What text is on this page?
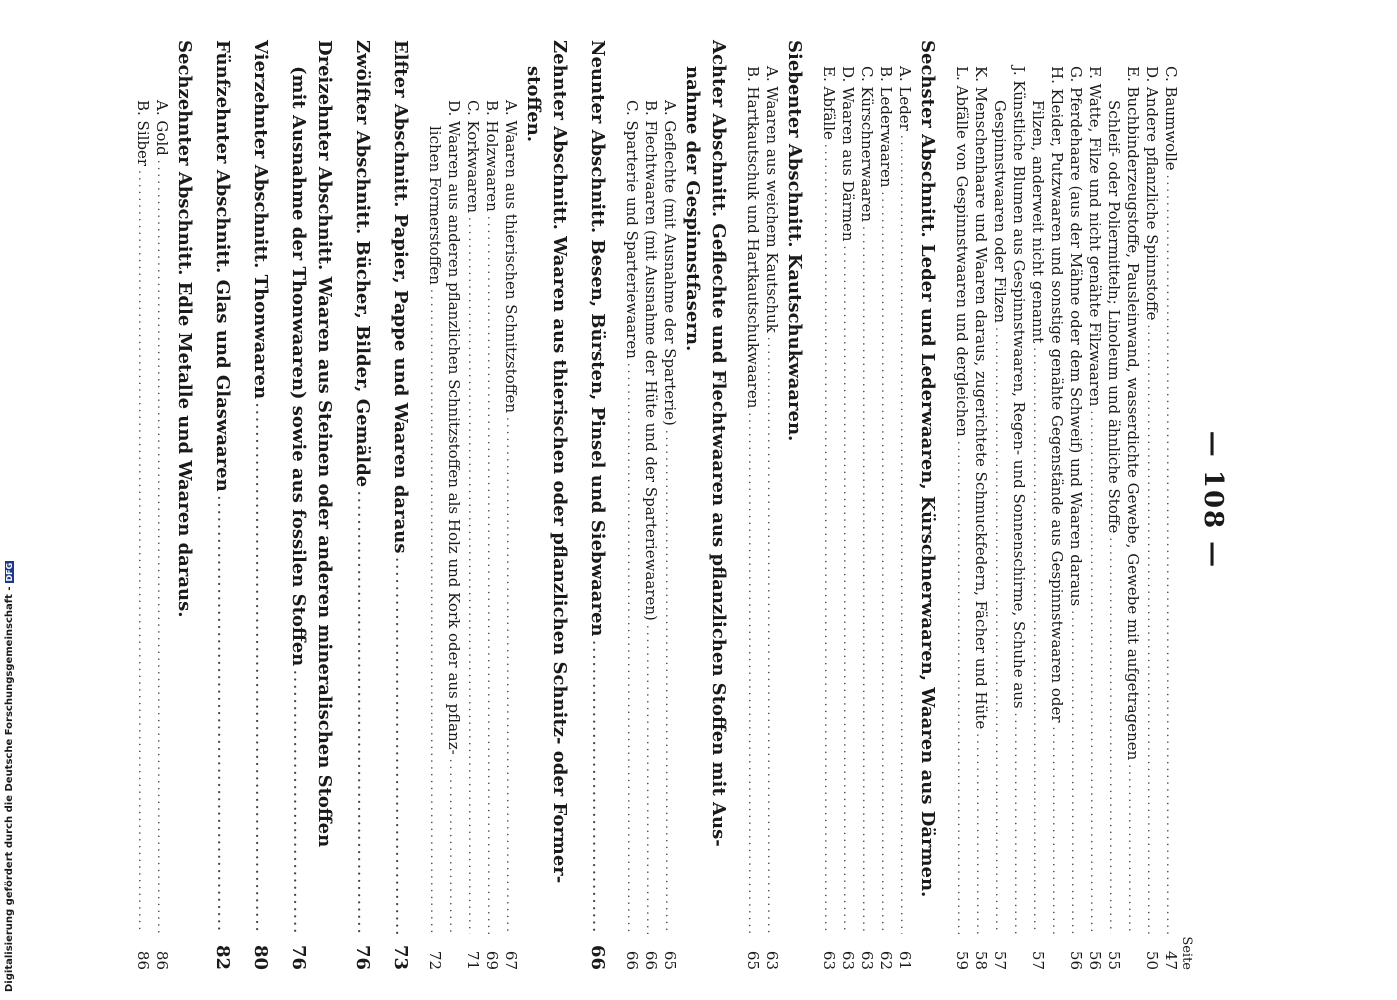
Digitalisierung gefördert durch die Deutsche Forschungsgemeinschaft -
DFG
— 108 —
Seite
C. Baumwolle
.....
47
D. Andere pflanzliche Spinnstoffe
.....
50
E. Buchbinderzeugstoffe, Pausleinwand, wasserdichte Gewebe, Gewebe mit aufgetragenen
.....
Schleif- oder Poliermitteln; Linoleum und ähnliche Stoffe
.....
55
F. Watte, Filze und nicht genähte Filzwaaren
.....
56
G. Pferdehaare (aus der Mähne oder dem Schweif) und Waaren daraus
.....
56
H. Kleider, Putzwaaren und sonstige genähte Gegenstände aus Gespinnstwaaren oder
.....
Filzen, anderweit nicht genannt
.....
57
J. Künstliche Blumen aus Gespinnstwaaren, Regen- und Sonnenschirme, Schuhe aus
.....
Gespinnstwaaren oder Filzen
.....
57
K. Menschenhaare und Waaren daraus, zugerichtete Schmuckfedern, Fächer und Hüte
.....
58
L. Abfälle von Gespinnstwaaren und dergleichen
.....
59
Sechster Abschnitt. Leder und Lederwaaren, Kürschnerwaaren, Waaren aus Därmen.
A. Leder
.....
61
B. Lederwaaren
.....
62
C. Kürschnerwaaren
.....
63
D. Waaren aus Därmen
.....
63
E. Abfälle
.....
63
Siebenter Abschnitt. Kautschukwaaren.
A. Waaren aus weichem Kautschuk
.....
63
B. Hartkautschuk und Hartkautschukwaaren
.....
65
Achter Abschnitt. Geflechte und Flechtwaaren aus pflanzlichen Stoffen mit Aus-
nahme der Gespinnstfasern.
A. Geflechte (mit Ausnahme der Sparterie)
.....
65
B. Flechtwaaren (mit Ausnahme der Hüte und der Sparteriewaaren)
.....
66
C. Sparterie und Sparteriewaaren
.....
66
Neunter Abschnitt. Besen, Bürsten, Pinsel und Siebwaaren
.....
66
Zehnter Abschnitt. Waaren aus thierischen oder pflanzlichen Schnitz- oder Former-
stoffen.
A. Waaren aus thierischen Schnitzstoffen
.....
67
B. Holzwaaren
.....
69
C. Korkwaaren
.....
71
D. Waaren aus anderen pflanzlichen Schnitzstoffen als Holz und Kork oder aus pflanz-
.....
lichen Formerstoffen
.....
72
Elfter Abschnitt. Papier, Pappe und Waaren daraus
.....
73
Zwölfter Abschnitt. Bücher, Bilder, Gemälde
.....
76
Dreizehnter Abschnitt. Waaren aus Steinen oder anderen mineralischen Stoffen
(mit Ausnahme der Thonwaaren) sowie aus fossilen Stoffen
.....
76
Vierzehnter Abschnitt. Thonwaaren
.....
80
Fünfzehnter Abschnitt. Glas und Glaswaaren
.....
82
Sechzehnter Abschnitt. Edle Metalle und Waaren daraus.
A. Gold
.....
86
B. Silber
.....
86
